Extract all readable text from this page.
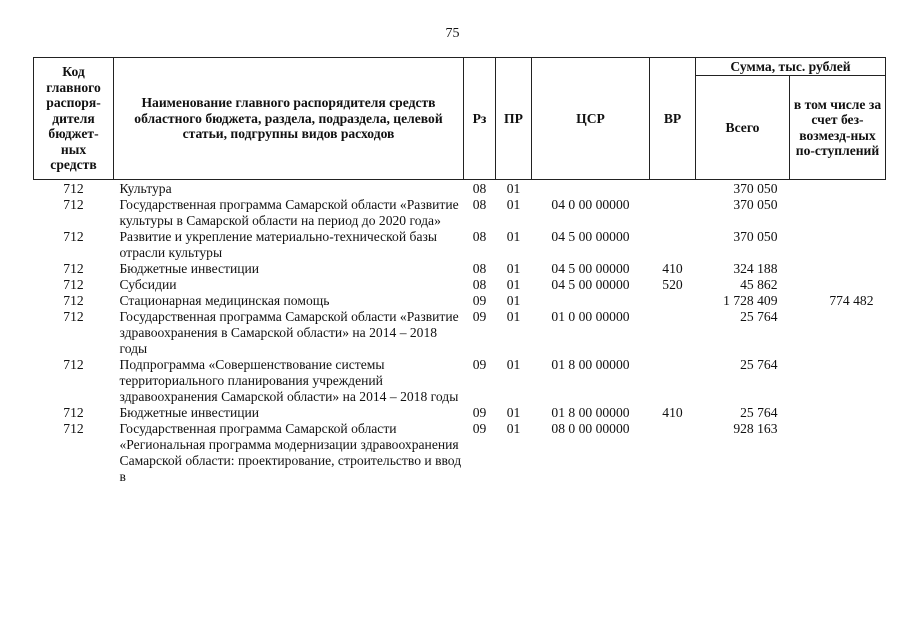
75
Код главного распоря-дителя бюджет-ных средств	Наименование главного распорядителя средств областного бюджета, раздела, подраздела, целевой статьи, подгрупны видов расходов	Рз	ПР	ЦСР	ВР	Сумма, тыс. рублей	
						Всего	в том числе за счет без-возмезд-ных по-ступлений
712	Культура	08	01			370 050	
712	Государственная программа Самарской области «Развитие культуры в Самарской области на период до 2020 года»	08	01	04 0 00 00000		370 050	
712	Развитие и укрепление материально-технической базы отрасли культуры	08	01	04 5 00 00000		370 050	
712	Бюджетные инвестиции	08	01	04 5 00 00000	410	324 188	
712	Субсидии	08	01	04 5 00 00000	520	45 862	
712	Стационарная медицинская помощь	09	01			1 728 409	774 482
712	Государственная программа Самарской области «Развитие здравоохранения в Самарской области» на 2014 – 2018 годы	09	01	01 0 00 00000		25 764	
712	Подпрограмма «Совершенствование системы территориального планирования учреждений здравоохранения Самарской области» на 2014 – 2018 годы	09	01	01 8 00 00000		25 764	
712	Бюджетные инвестиции	09	01	01 8 00 00000	410	25 764	
712	Государственная программа Самарской области «Региональная программа модернизации здравоохранения Самарской области: проектирование, строительство и ввод в	09	01	08 0 00 00000		928 163	
